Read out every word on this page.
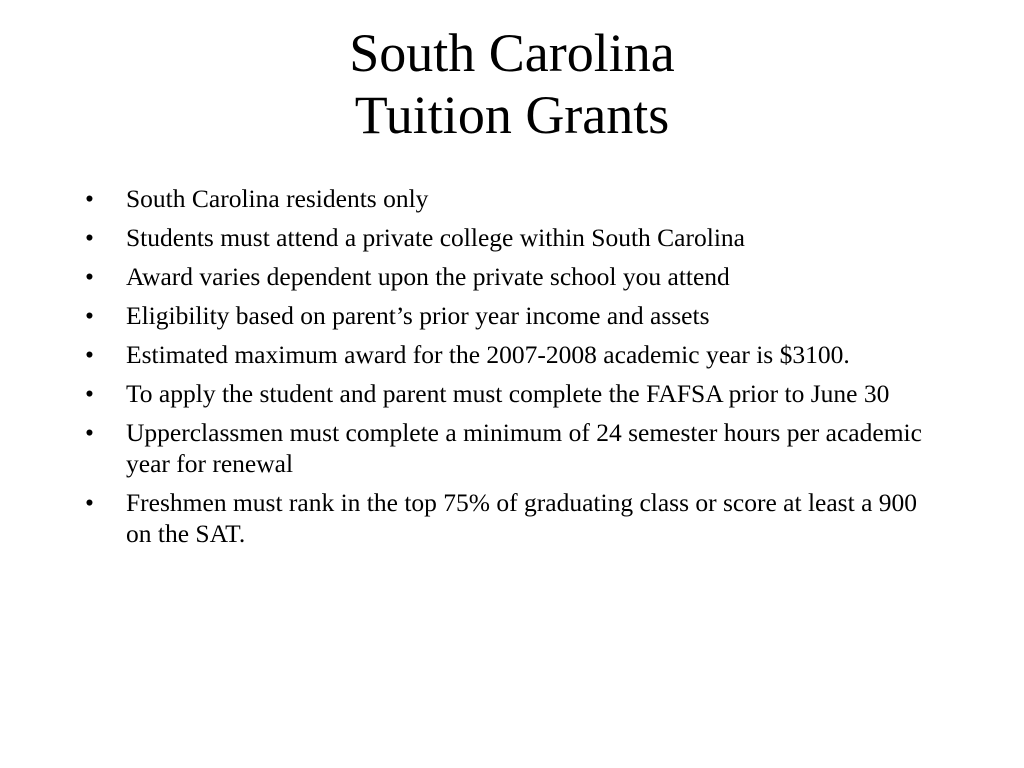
South Carolina
Tuition Grants
•	South Carolina residents only
•	Students must attend a private college within South Carolina
•	Award varies dependent upon the private school you attend
•	Eligibility based on parent’s prior year income and assets
•	Estimated maximum award for the 2007-2008 academic year is $3100.
•	To apply the student and parent must complete the FAFSA prior to June 30
•	Upperclassmen must complete a minimum of 24 semester hours per academic year for renewal
•	Freshmen must rank in the top 75% of graduating class or score at least a 900 on the SAT.
